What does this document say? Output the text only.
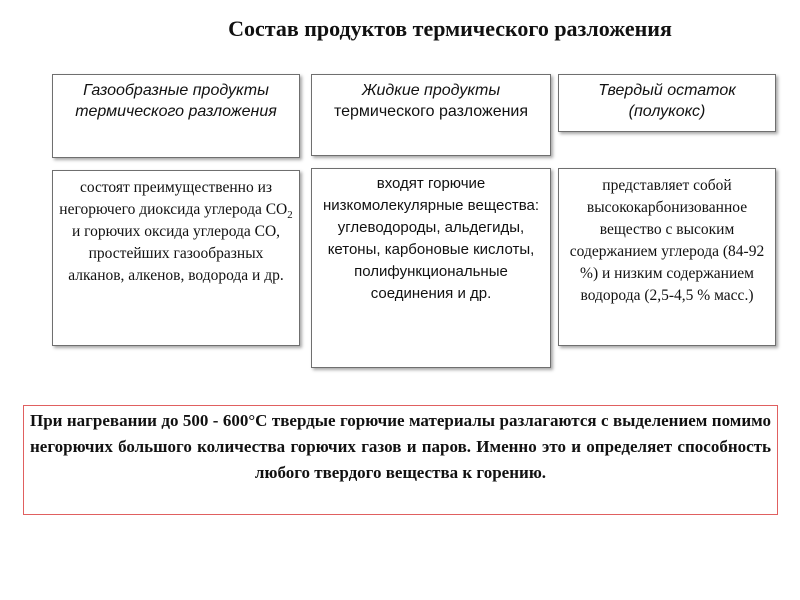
Состав продуктов термического разложения
Газообразные продукты термического разложения
Жидкие продукты
термического разложения
Твердый остаток (полукокс)
состоят преимущественно из негорючего диоксида углерода $СО_2$ и горючих оксида углерода СО, простейших газообразных алканов, алкенов, водорода и др.
входят горючие низкомолекулярные вещества: углеводороды, альдегиды, кетоны, карбоновые кислоты, полифункциональные соединения и др.
представляет собой высококарбонизованное вещество с высоким содержанием углерода (84-92 %) и низким содержанием водорода (2,5-4,5 % масс.)
При нагревании до 500 - 600°С твердые горючие материалы разлагаются с выделением помимо негорючих большого количества горючих газов и паров. Именно это и определяет способность любого твердого вещества к горению.
